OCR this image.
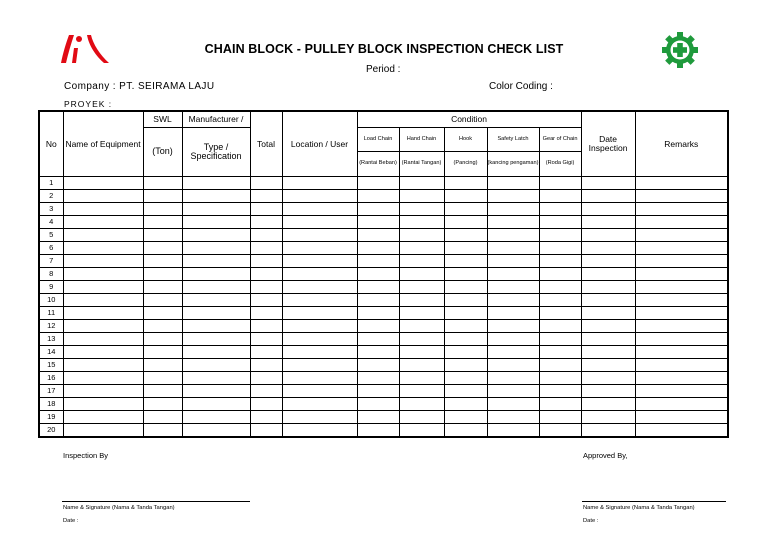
CHAIN BLOCK - PULLEY BLOCK INSPECTION CHECK LIST
Period :
Company : PT. SEIRAMA LAJU	Color Coding :
PROYEK :
No	Name of Equipment	SWL	Manufacturer /	Total	Location / User	Condition					Date Inspection	Remarks
		(Ton)	Type / Specification			Load Chain	Hand Chain	Hook	Safety Latch	Gear of Chain		
						(Rantai Beban)	(Rantai Tangan)	(Pancing)	(kancing pengaman)	(Roda Gigi)		
1												
2												
3												
4												
5												
6												
7												
8												
9												
10												
11												
12												
13												
14												
15												
16												
17												
18												
19												
20												
Inspection By	Approved By,
Name & Signature (Nama & Tanda Tangan)
Date :
Name & Signature (Nama & Tanda Tangan)
Date :
